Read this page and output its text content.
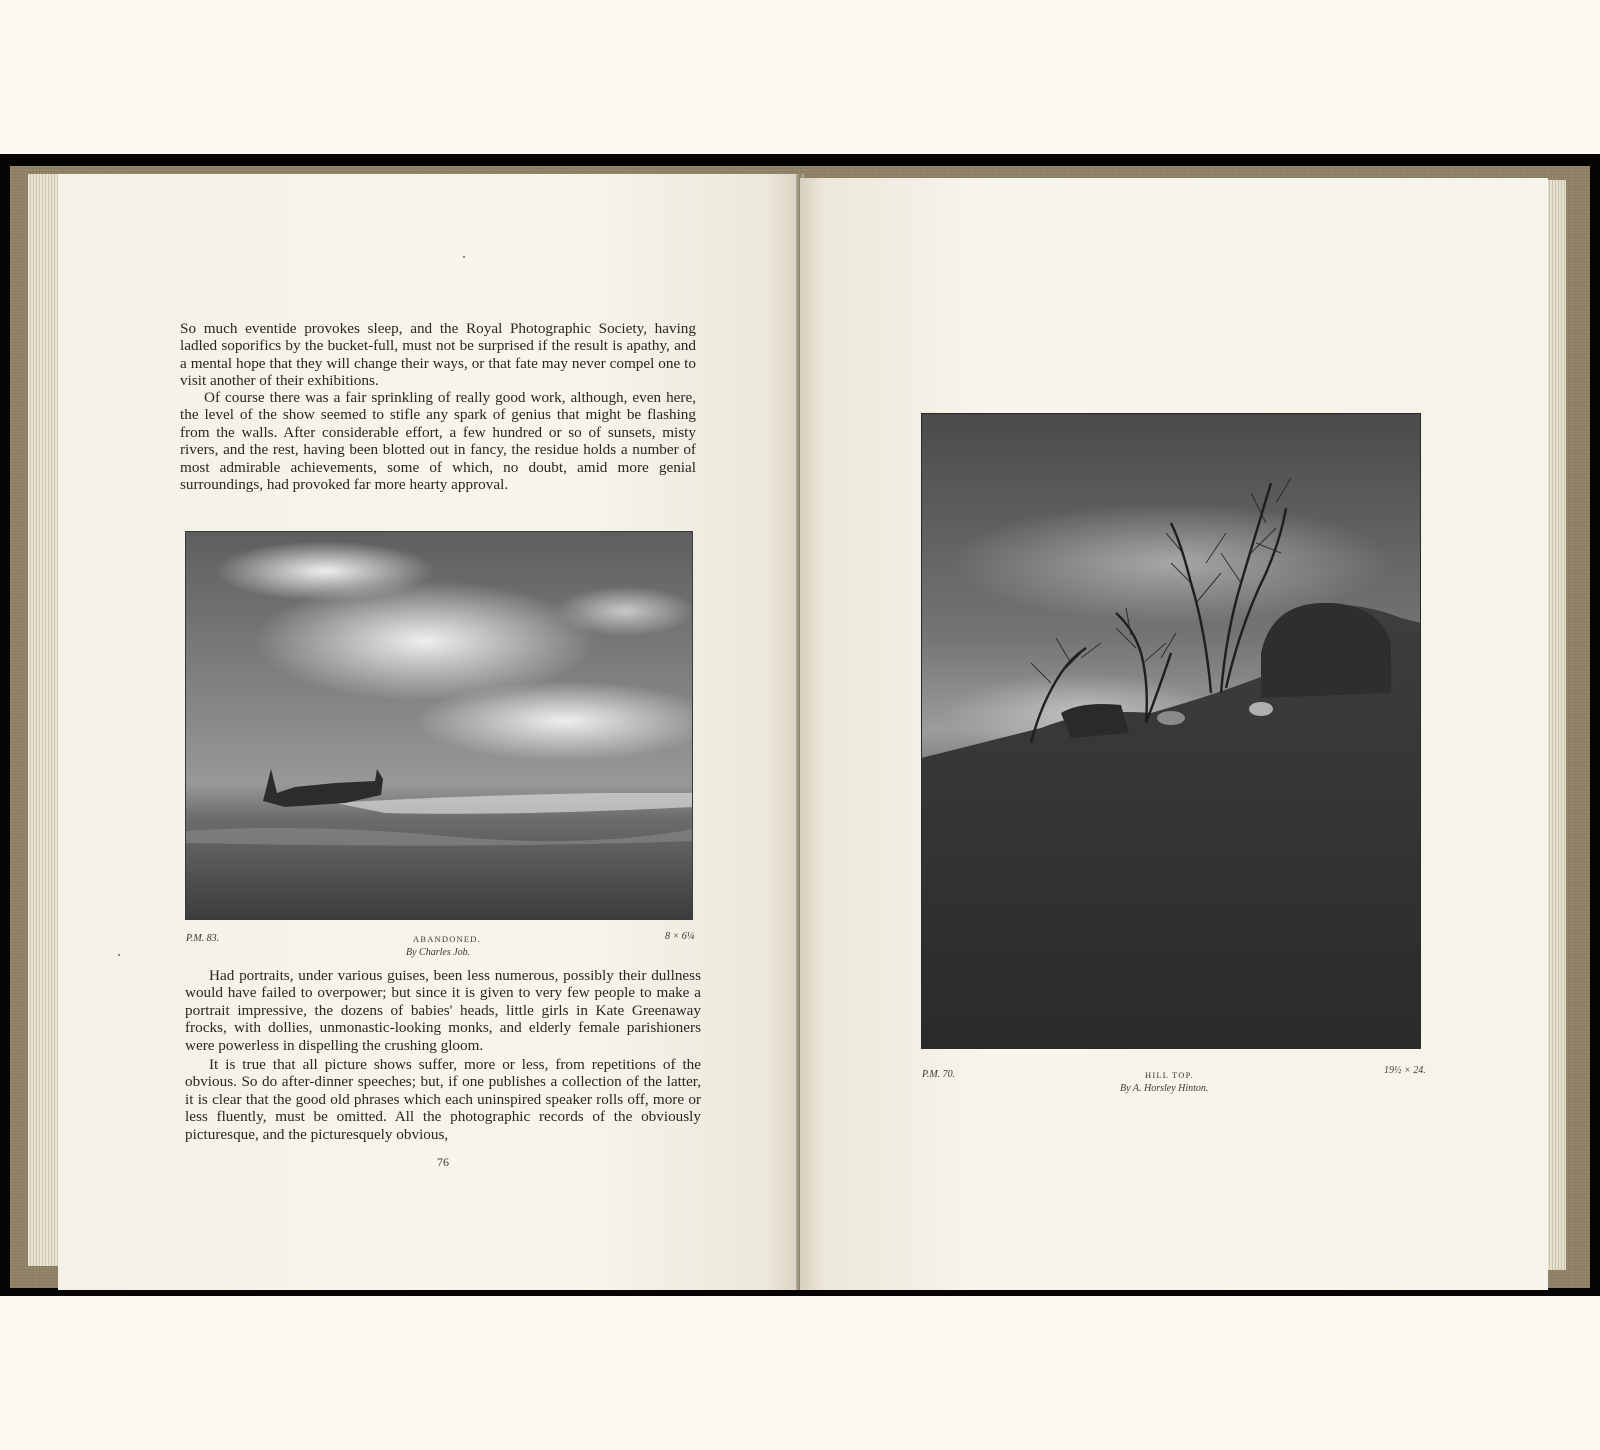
So much eventide provokes sleep, and the Royal Photographic Society, having ladled soporifics by the bucket-full, must not be surprised if the result is apathy, and a mental hope that they will change their ways, or that fate may never compel one to visit another of their exhibitions.

Of course there was a fair sprinkling of really good work, although, even here, the level of the show seemed to stifle any spark of genius that might be flashing from the walls. After considerable effort, a few hundred or so of sunsets, misty rivers, and the rest, having been blotted out in fancy, the residue holds a number of most admirable achievements, some of which, no doubt, amid more genial surroundings, had provoked far more hearty approval.

P.M. 83.	ABANDONED.	8 × 6¼
By Charles Job.

Had portraits, under various guises, been less numerous, possibly their dullness would have failed to overpower; but since it is given to very few people to make a portrait impressive, the dozens of babies' heads, little girls in Kate Greenaway frocks, with dollies, unmonastic-looking monks, and elderly female parishioners were powerless in dispelling the crushing gloom.

It is true that all picture shows suffer, more or less, from repetitions of the obvious. So do after-dinner speeches; but, if one publishes a collection of the latter, it is clear that the good old phrases which each uninspired speaker rolls off, more or less fluently, must be omitted. All the photographic records of the obviously picturesque, and the picturesquely obvious,

76
P.M. 70.	HILL TOP.	19½ × 24.
By A. Horsley Hinton.
